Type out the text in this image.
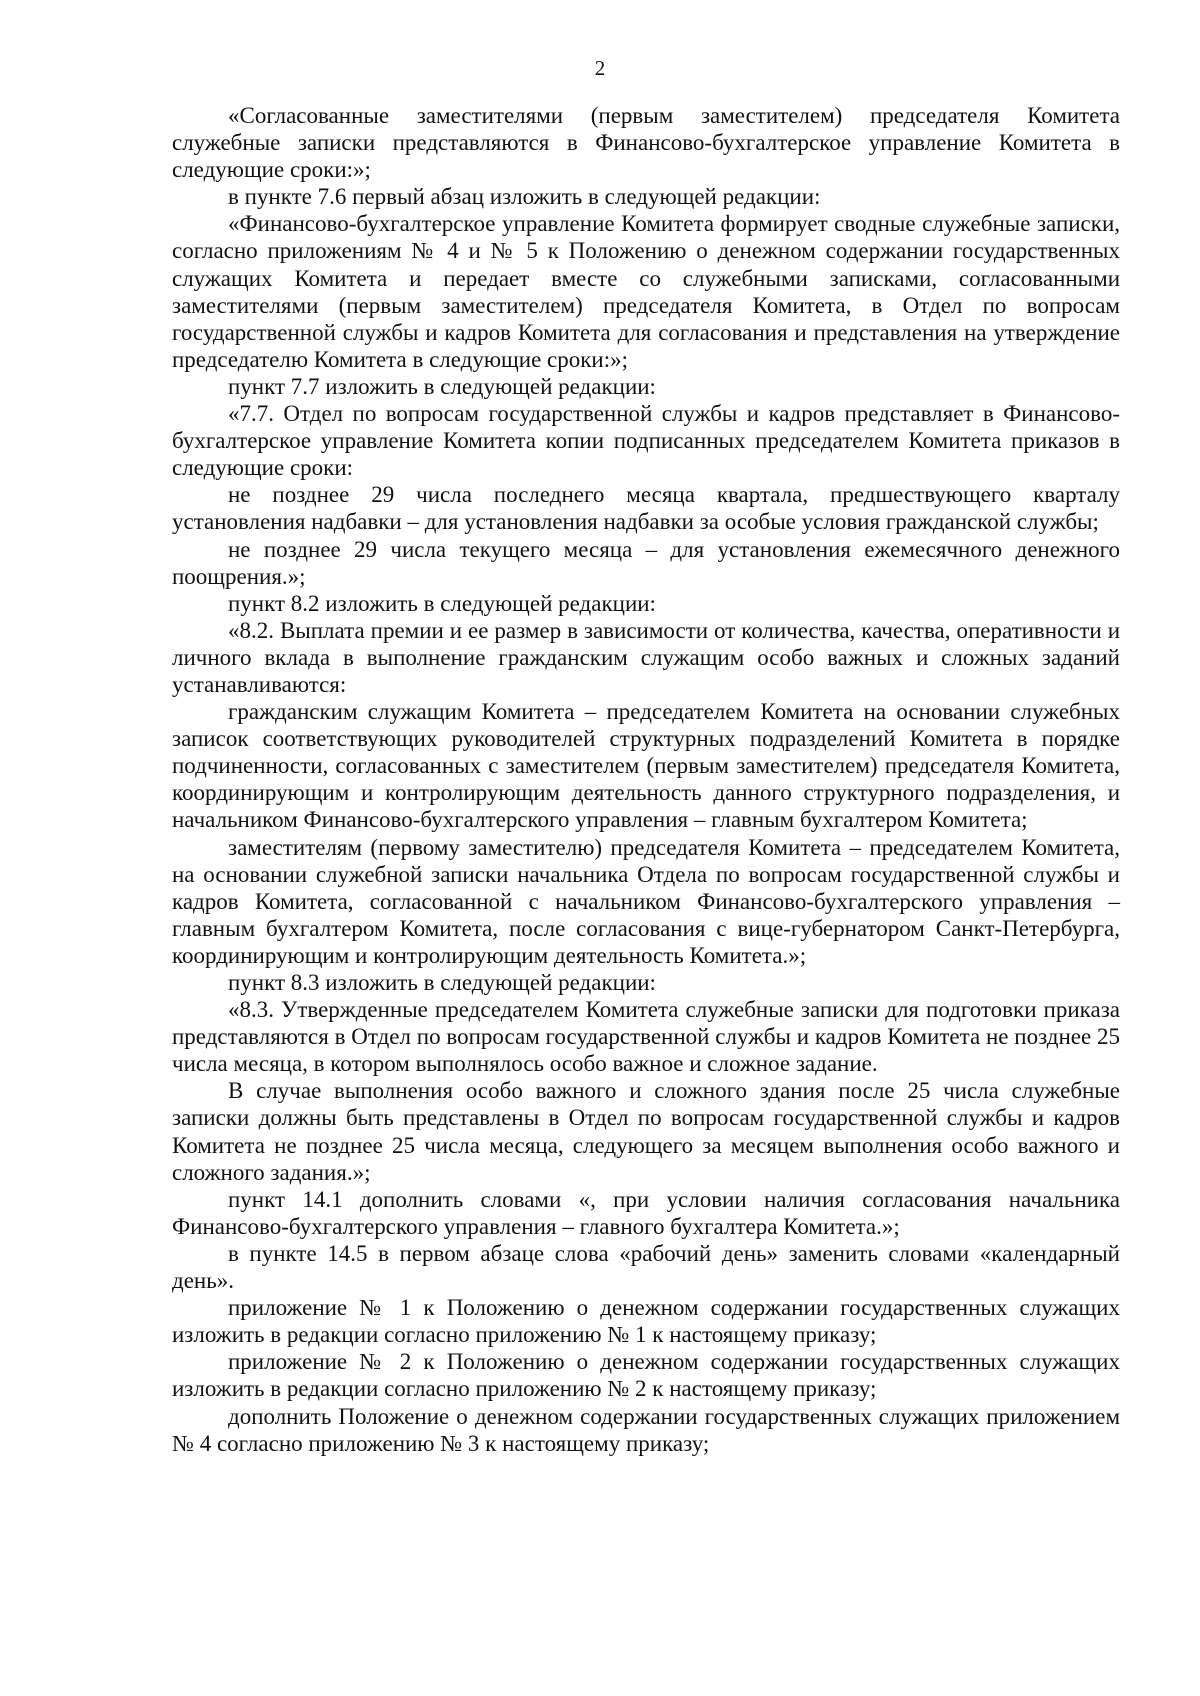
2

«Согласованные заместителями (первым заместителем) председателя Комитета служебные записки представляются в Финансово-бухгалтерское управление Комитета в следующие сроки:»;

в пункте 7.6 первый абзац изложить в следующей редакции:

«Финансово-бухгалтерское управление Комитета формирует сводные служебные записки, согласно приложениям № 4 и № 5 к Положению о денежном содержании государственных служащих Комитета и передает вместе со служебными записками, согласованными заместителями (первым заместителем) председателя Комитета, в Отдел по вопросам государственной службы и кадров Комитета для согласования и представления на утверждение председателю Комитета в следующие сроки:»;

пункт 7.7 изложить в следующей редакции:

«7.7. Отдел по вопросам государственной службы и кадров представляет в Финансово-бухгалтерское управление Комитета копии подписанных председателем Комитета приказов в следующие сроки:

не позднее 29 числа последнего месяца квартала, предшествующего кварталу установления надбавки – для установления надбавки за особые условия гражданской службы;

не позднее 29 числа текущего месяца – для установления ежемесячного денежного поощрения.»;

пункт 8.2 изложить в следующей редакции:

«8.2. Выплата премии и ее размер в зависимости от количества, качества, оперативности и личного вклада в выполнение гражданским служащим особо важных и сложных заданий устанавливаются:

гражданским служащим Комитета – председателем Комитета на основании служебных записок соответствующих руководителей структурных подразделений Комитета в порядке подчиненности, согласованных с заместителем (первым заместителем) председателя Комитета, координирующим и контролирующим деятельность данного структурного подразделения, и начальником Финансово-бухгалтерского управления – главным бухгалтером Комитета;

заместителям (первому заместителю) председателя Комитета – председателем Комитета, на основании служебной записки начальника Отдела по вопросам государственной службы и кадров Комитета, согласованной с начальником Финансово-бухгалтерского управления – главным бухгалтером Комитета, после согласования с вице-губернатором Санкт-Петербурга, координирующим и контролирующим деятельность Комитета.»;

пункт 8.3 изложить в следующей редакции:

«8.3. Утвержденные председателем Комитета служебные записки для подготовки приказа представляются в Отдел по вопросам государственной службы и кадров Комитета не позднее 25 числа месяца, в котором выполнялось особо важное и сложное задание.

В случае выполнения особо важного и сложного здания после 25 числа служебные записки должны быть представлены в Отдел по вопросам государственной службы и кадров Комитета не позднее 25 числа месяца, следующего за месяцем выполнения особо важного и сложного задания.»;

пункт 14.1 дополнить словами «, при условии наличия согласования начальника Финансово-бухгалтерского управления – главного бухгалтера Комитета.»;

в пункте 14.5 в первом абзаце слова «рабочий день» заменить словами «календарный день».

приложение № 1 к Положению о денежном содержании государственных служащих изложить в редакции согласно приложению № 1 к настоящему приказу;

приложение № 2 к Положению о денежном содержании государственных служащих изложить в редакции согласно приложению № 2 к настоящему приказу;

дополнить Положение о денежном содержании государственных служащих приложением № 4 согласно приложению № 3 к настоящему приказу;
